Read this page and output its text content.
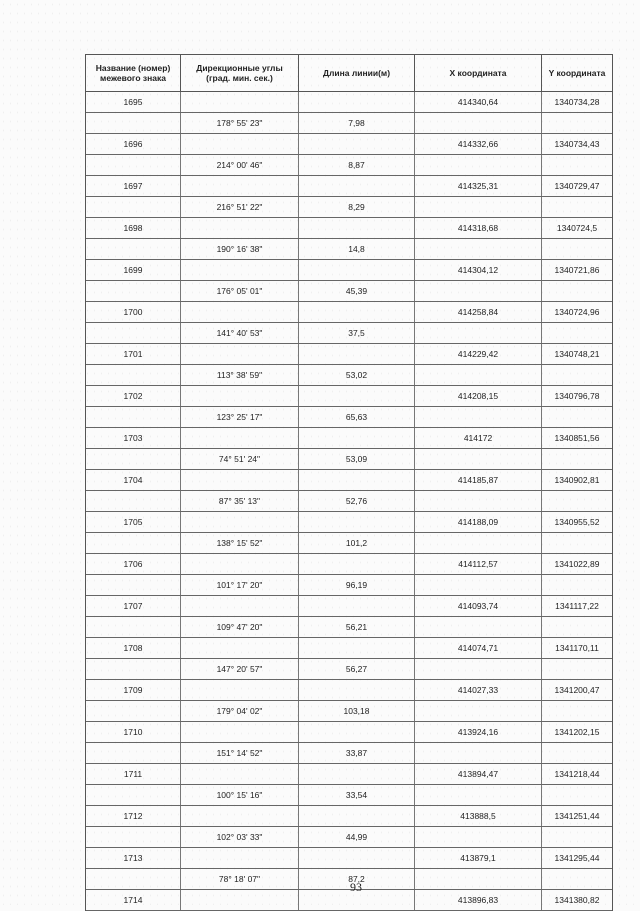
Название (номер) межевого знака
Дирекционные углы (град. мин. сек.)	Длина линии(м)	X координата	Y координата
1695	414340,64	1340734,28
178° 55' 23"	7,98
1696	414332,66	1340734,43
214° 00' 46"	8,87
1697	414325,31	1340729,47
216° 51' 22"	8,29
1698	414318,68	1340724,5
190° 16' 38"	14,8
1699	414304,12	1340721,86
176° 05' 01"	45,39
1700	414258,84	1340724,96
141° 40' 53"	37,5
1701	414229,42	1340748,21
113° 38' 59"	53,02
1702	414208,15	1340796,78
123° 25' 17"	65,63
1703	414172	1340851,56
74° 51' 24"	53,09
1704	414185,87	1340902,81
87° 35' 13"	52,76
1705	414188,09	1340955,52
138° 15' 52"	101,2
1706	414112,57	1341022,89
101° 17' 20"	96,19
1707	414093,74	1341117,22
109° 47' 20"	56,21
1708	414074,71	1341170,11
147° 20' 57"	56,27
1709	414027,33	1341200,47
179° 04' 02"	103,18
1710	413924,16	1341202,15
151° 14' 52"	33,87
1711	413894,47	1341218,44
100° 15' 16"	33,54
1712	413888,5	1341251,44
102° 03' 33"	44,99
1713	413879,1	1341295,44
78° 18' 07"	87,2
1714	413896,83	1341380,82
93
